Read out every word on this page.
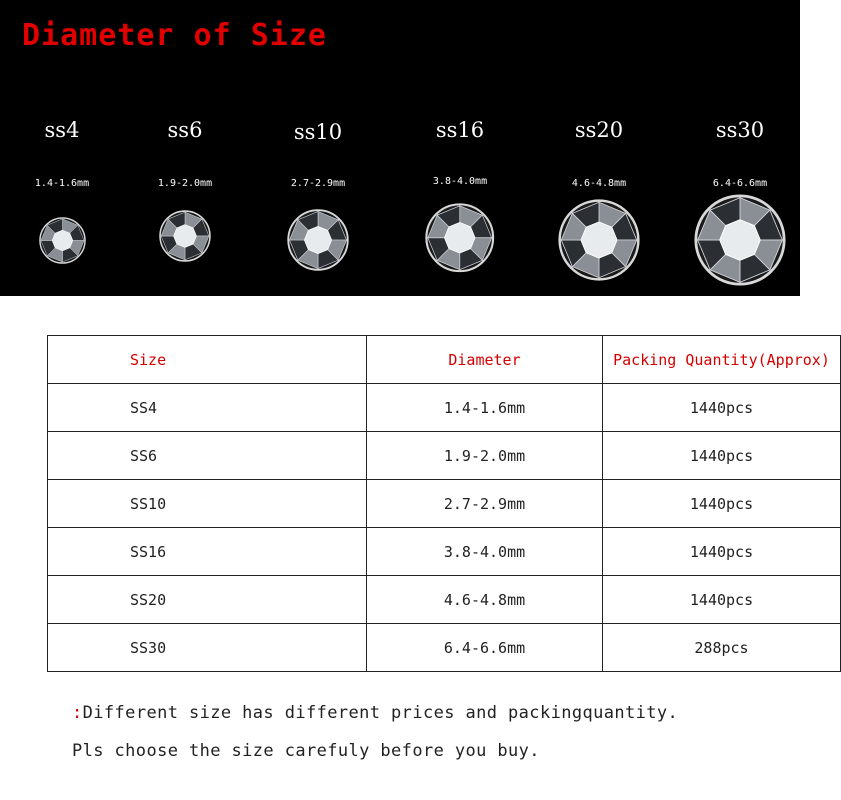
Diameter of Size
ss4
1.4-1.6mm
ss6
1.9-2.0mm
ss10
2.7-2.9mm
ss16
3.8-4.0mm
ss20
4.6-4.8mm
ss30
6.4-6.6mm
Size	Diameter	Packing Quantity(Approx)
SS4	1.4-1.6mm	1440pcs
SS6	1.9-2.0mm	1440pcs
SS10	2.7-2.9mm	1440pcs
SS16	3.8-4.0mm	1440pcs
SS20	4.6-4.8mm	1440pcs
SS30	6.4-6.6mm	288pcs
:Different size has different prices and packingquantity.
Pls choose the size carefuly before you buy.
